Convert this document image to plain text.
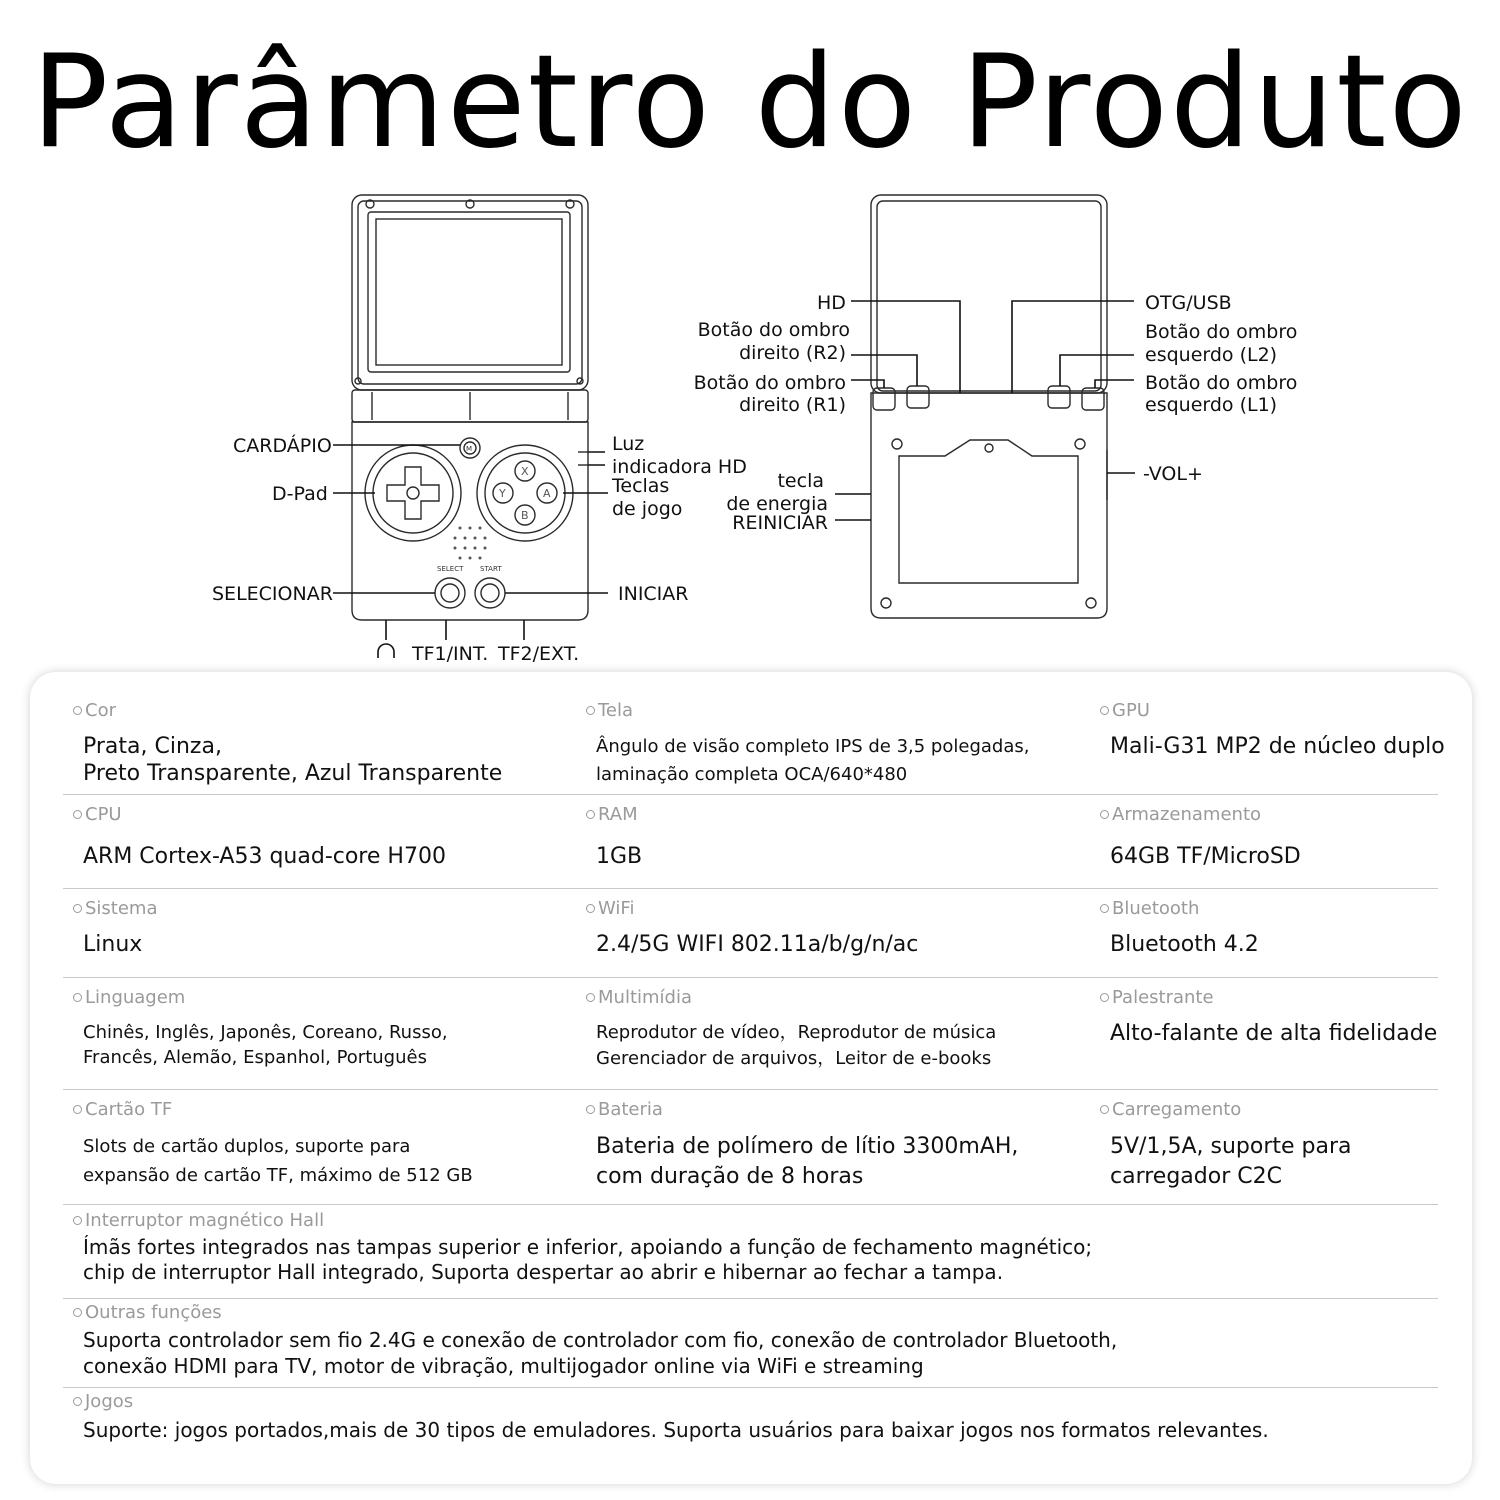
Parâmetro do Produto
X
Y	A
B
M
SELECT START
CARDÁPIO
D-Pad
SELECIONAR	INICIAR
Luz
indicadora HD
Teclas
de jogo
TF1/INT. TF2/EXT.
HD	OTG/USB
Botão do ombro
direito (R2)
Botão do ombro
direito (R1)
Botão do ombro
esquerdo (L2)
Botão do ombro
esquerdo (L1)
tecla
de energia
REINICIAR
-VOL+
Cor
Prata, Cinza,
Preto Transparente, Azul Transparente
Tela
Ângulo de visão completo IPS de 3,5 polegadas,
laminação completa OCA/640*480
GPU
Mali-G31 MP2 de núcleo duplo
CPU
ARM Cortex-A53 quad-core H700
RAM
1GB
Armazenamento
64GB TF/MicroSD
Sistema
Linux
WiFi
2.4/5G WIFI 802.11a/b/g/n/ac
Bluetooth
Bluetooth 4.2
Linguagem
Chinês, Inglês, Japonês, Coreano, Russo,
Francês, Alemão, Espanhol, Português
Multimídia
Reprodutor de vídeo，Reprodutor de música
Gerenciador de arquivos，Leitor de e-books
Palestrante
Alto-falante de alta fidelidade
Cartão TF
Slots de cartão duplos, suporte para
expansão de cartão TF, máximo de 512 GB
Bateria
Bateria de polímero de lítio 3300mAH,
com duração de 8 horas
Carregamento
5V/1,5A, suporte para
carregador C2C
Interruptor magnético Hall
Ímãs fortes integrados nas tampas superior e inferior, apoiando a função de fechamento magnético;
chip de interruptor Hall integrado, Suporta despertar ao abrir e hibernar ao fechar a tampa.
Outras funções
Suporta controlador sem fio 2.4G e conexão de controlador com fio, conexão de controlador Bluetooth,
conexão HDMI para TV, motor de vibração, multijogador online via WiFi e streaming
Jogos
Suporte: jogos portados,mais de 30 tipos de emuladores. Suporta usuários para baixar jogos nos formatos relevantes.
